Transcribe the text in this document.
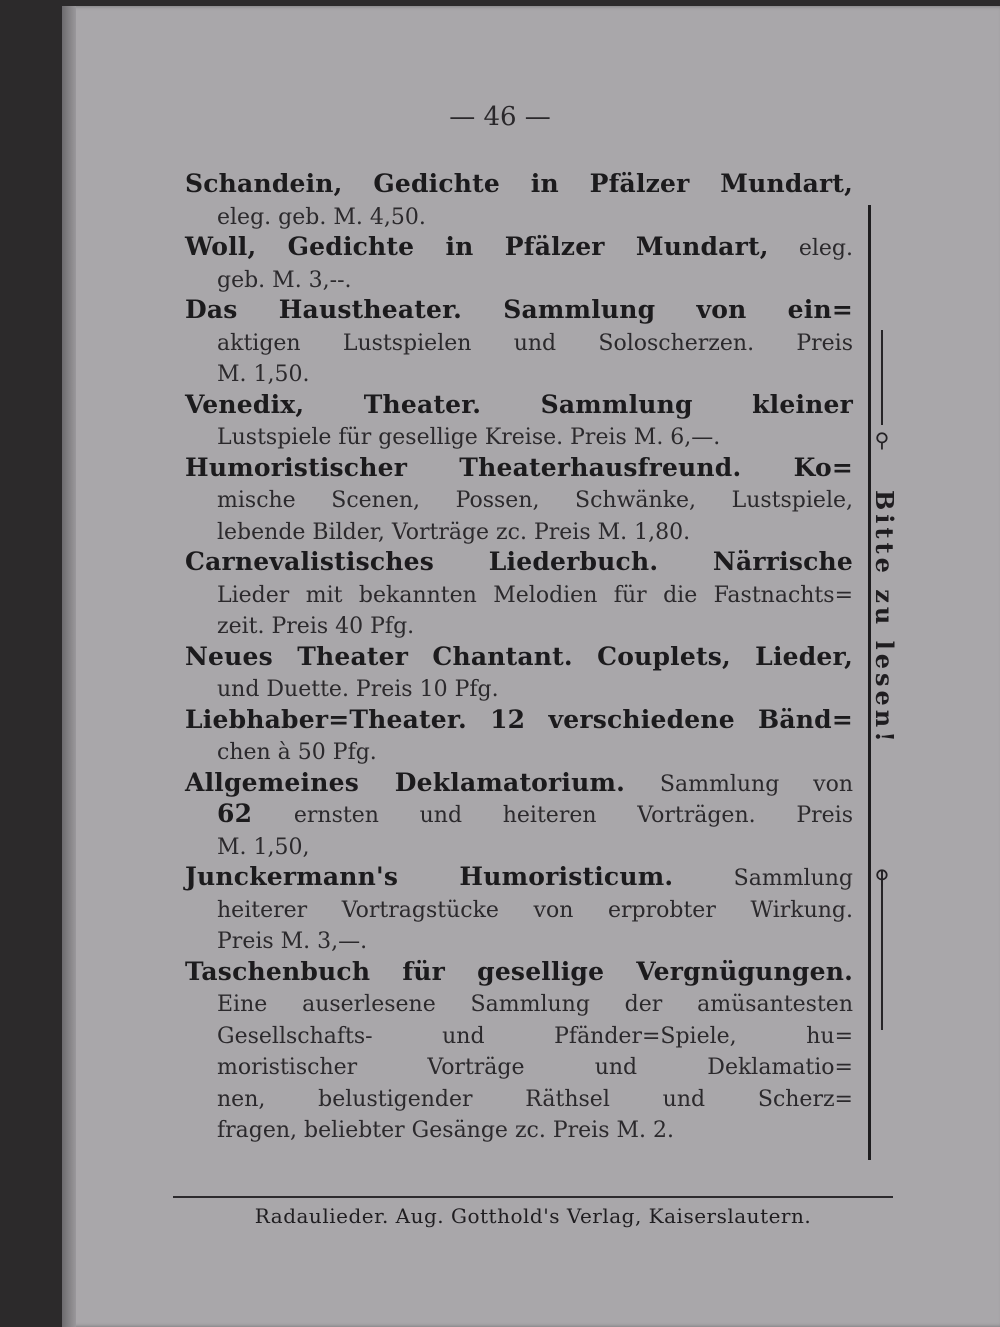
— 46 —
Schandein, Gedichte in Pfälzer Mundart,
eleg. geb. M. 4,50.
Woll, Gedichte in Pfälzer Mundart, eleg.
geb. M. 3,--.
Das Haustheater. Sammlung von ein=
aktigen Lustspielen und Soloscherzen. Preis
M. 1,50.
Venedix, Theater. Sammlung kleiner
Lustspiele für gesellige Kreise. Preis M. 6,—.
Humoristischer Theaterhausfreund. Ko=
mische Scenen, Possen, Schwänke, Lustspiele,
lebende Bilder, Vorträge zc. Preis M. 1,80.
Carnevalistisches Liederbuch. Närrische
Lieder mit bekannten Melodien für die Fastnachts=
zeit. Preis 40 Pfg.
Neues Theater Chantant. Couplets, Lieder,
und Duette. Preis 10 Pfg.
Liebhaber=Theater. 12 verschiedene Bänd=
chen à 50 Pfg.
Allgemeines Deklamatorium. Sammlung von
62 ernsten und heiteren Vorträgen. Preis
M. 1,50,
Junckermann's Humoristicum.	Sammlung
heiterer Vortragstücke von erprobter Wirkung.
Preis M. 3,—.
Taschenbuch für gesellige Vergnügungen.
Eine auserlesene Sammlung der amüsantesten
Gesellschafts- und Pfänder=Spiele, hu=
moristischer Vorträge und Deklamatio=
nen, belustigender Räthsel und Scherz=
fragen, beliebter Gesänge zc. Preis M. 2.
⚲
⚲
Bitte zu lesen!
Radaulieder. Aug. Gotthold's Verlag, Kaiserslautern.
